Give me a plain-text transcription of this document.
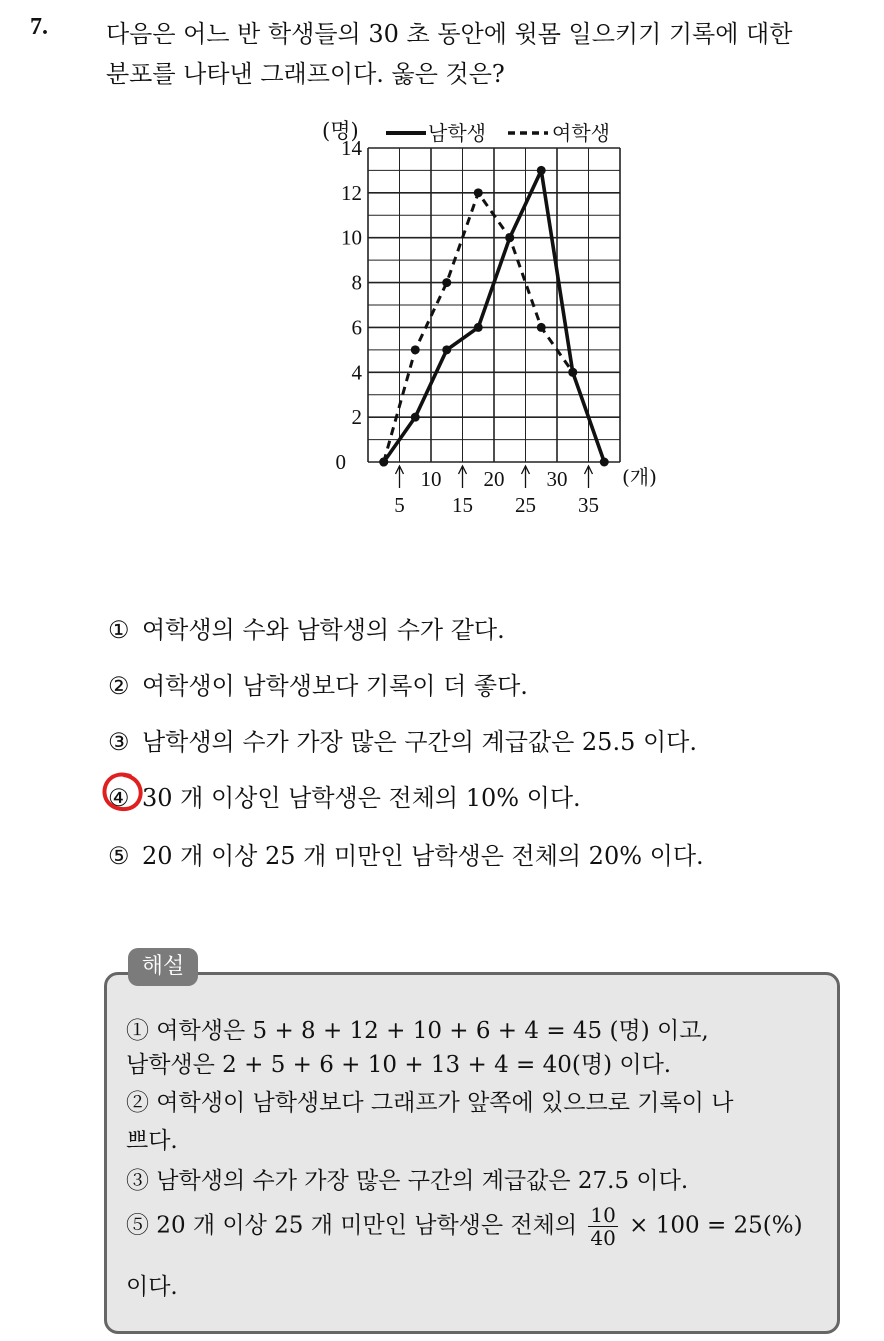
7. 다음은 어느 반 학생들의 30 초 동안에 윗몸 일으키기 기록에 대한
분포를 나타낸 그래프이다. 옳은 것은?
0
2
4
6
8
10
12
14
(명)	남학생	여학생
10 20 30
5 15 25 35
(개)
① 여학생의 수와 남학생의 수가 같다.
② 여학생이 남학생보다 기록이 더 좋다.
③ 남학생의 수가 가장 많은 구간의 계급값은 25.5 이다.
④ 30 개 이상인 남학생은 전체의 10% 이다.
⑤ 20 개 이상 25 개 미만인 남학생은 전체의 20% 이다.
해설
① 여학생은 5 + 8 + 12 + 10 + 6 + 4 = 45 (명) 이고,
남학생은 2 + 5 + 6 + 10 + 13 + 4 = 40(명) 이다.
② 여학생이 남학생보다 그래프가 앞쪽에 있으므로 기록이 나
쁘다.
③ 남학생의 수가 가장 많은 구간의 계급값은 27.5 이다.
⑤ 20 개 이상 25 개 미만인 남학생은 전체의 $\frac{10}{40} \times 100 = 25(\%)$
이다.
